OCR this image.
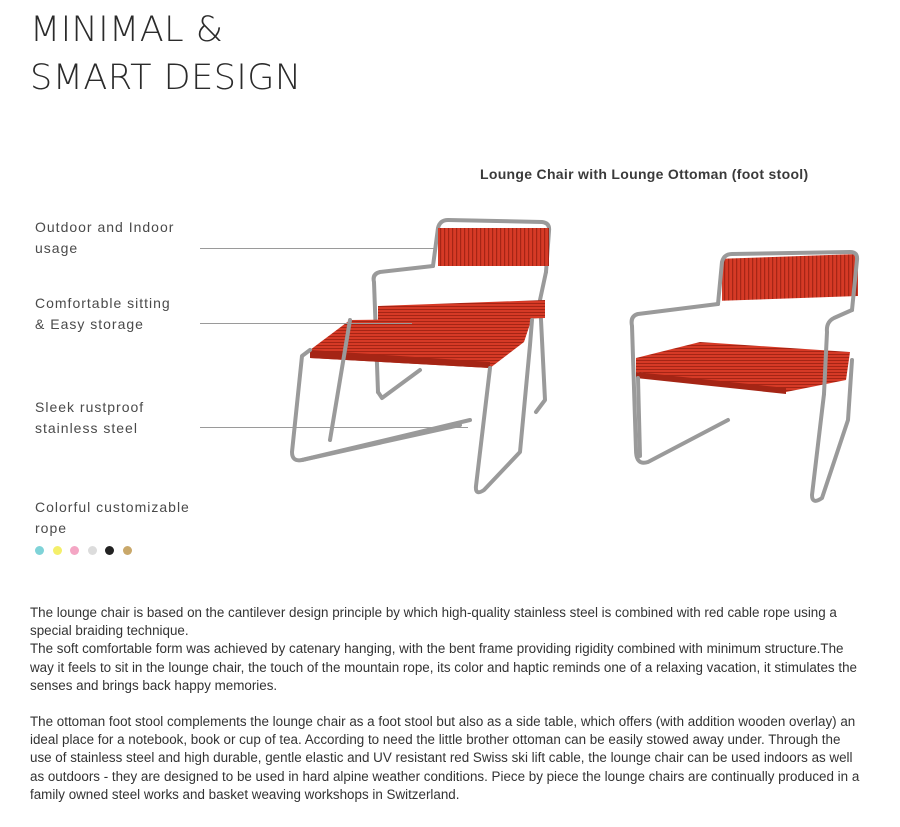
MINIMAL &
SMART DESIGN
Lounge Chair with Lounge Ottoman (foot stool)
Outdoor and Indoor
usage
Comfortable sitting
& Easy storage
Sleek rustproof
stainless steel
Colorful customizable
rope

The lounge chair is based on the cantilever design principle by which high-quality stainless steel is combined with red cable rope using a special braiding technique.
The soft comfortable form was achieved by catenary hanging, with the bent frame providing rigidity combined with minimum structure.The way it feels to sit in the lounge chair, the touch of the mountain rope, its color and haptic reminds one of a relaxing vacation, it stimulates the senses and brings back happy memories.

The ottoman foot stool complements the lounge chair as a foot stool but also as a side table, which offers (with addition wooden overlay) an ideal place for a notebook, book or cup of tea. According to need the little brother ottoman can be easily stowed away under. Through the use of stainless steel and high durable, gentle elastic and UV resistant red Swiss ski lift cable, the lounge chair can be used indoors as well as outdoors - they are designed to be used in hard alpine weather conditions. Piece by piece the lounge chairs are continually produced in a family owned steel works and basket weaving workshops in Switzerland.
